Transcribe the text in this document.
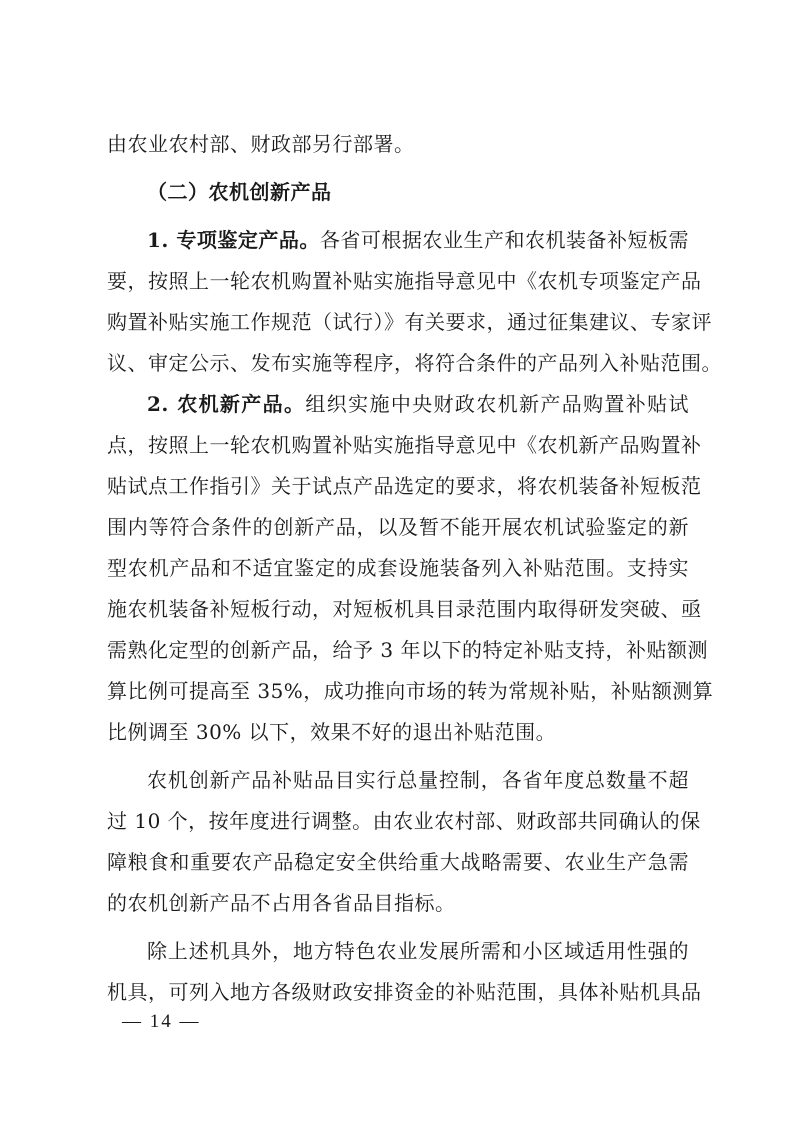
由农业农村部、财政部另行部署。
（二）农机创新产品
1. 专项鉴定产品。各省可根据农业生产和农机装备补短板需
要，按照上一轮农机购置补贴实施指导意见中《农机专项鉴定产品
购置补贴实施工作规范（试行）》有关要求，通过征集建议、专家评
议、审定公示、发布实施等程序，将符合条件的产品列入补贴范围。
2. 农机新产品。组织实施中央财政农机新产品购置补贴试
点，按照上一轮农机购置补贴实施指导意见中《农机新产品购置补
贴试点工作指引》关于试点产品选定的要求，将农机装备补短板范
围内等符合条件的创新产品，以及暂不能开展农机试验鉴定的新
型农机产品和不适宜鉴定的成套设施装备列入补贴范围。支持实
施农机装备补短板行动，对短板机具目录范围内取得研发突破、亟
需熟化定型的创新产品，给予 3 年以下的特定补贴支持，补贴额测
算比例可提高至 35%，成功推向市场的转为常规补贴，补贴额测算
比例调至 30% 以下，效果不好的退出补贴范围。
农机创新产品补贴品目实行总量控制，各省年度总数量不超
过 10 个，按年度进行调整。由农业农村部、财政部共同确认的保
障粮食和重要农产品稳定安全供给重大战略需要、农业生产急需
的农机创新产品不占用各省品目指标。
除上述机具外，地方特色农业发展所需和小区域适用性强的
机具，可列入地方各级财政安排资金的补贴范围，具体补贴机具品
— 14 —
